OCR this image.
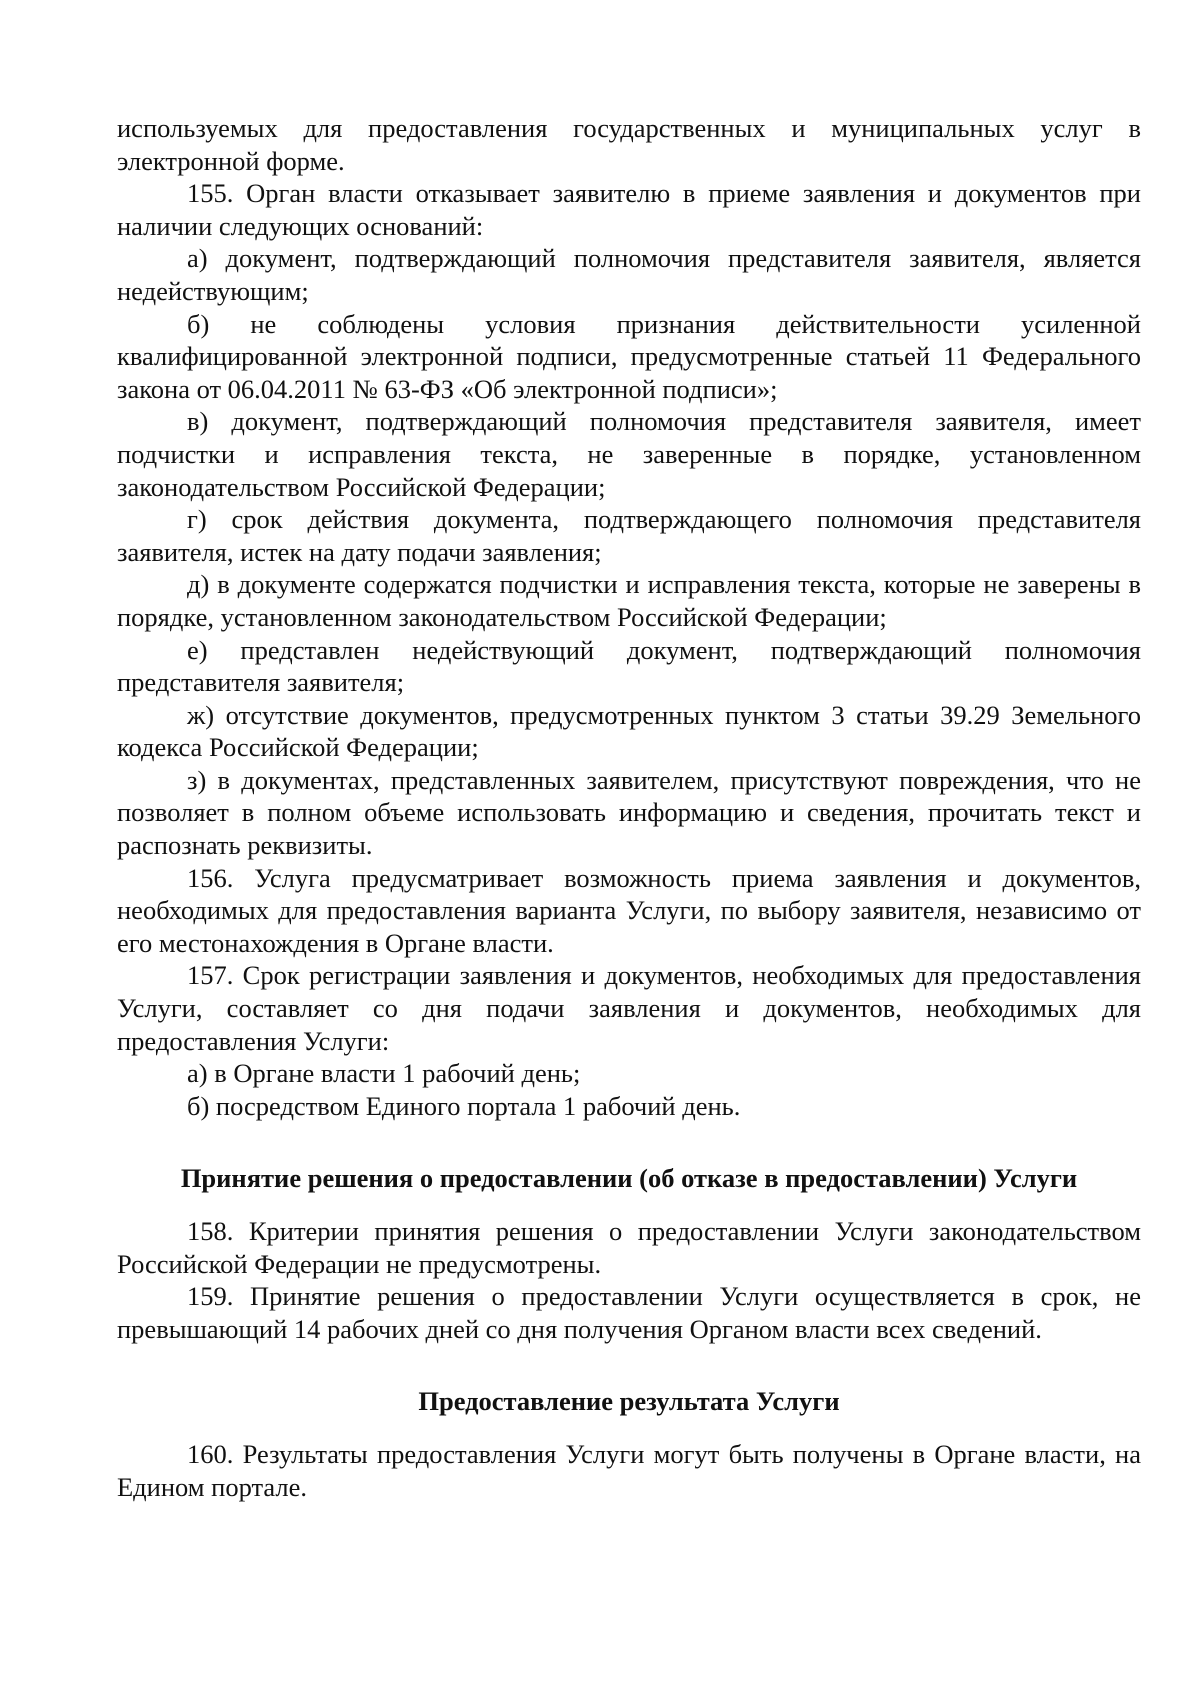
используемых для предоставления государственных и муниципальных услуг в электронной форме.

155. Орган власти отказывает заявителю в приеме заявления и документов при наличии следующих оснований:

а) документ, подтверждающий полномочия представителя заявителя, является недействующим;

б) не соблюдены условия признания действительности усиленной квалифицированной электронной подписи, предусмотренные статьей 11 Федерального закона от 06.04.2011 № 63-ФЗ «Об электронной подписи»;

в) документ, подтверждающий полномочия представителя заявителя, имеет подчистки и исправления текста, не заверенные в порядке, установленном законодательством Российской Федерации;

г) срок действия документа, подтверждающего полномочия представителя заявителя, истек на дату подачи заявления;

д) в документе содержатся подчистки и исправления текста, которые не заверены в порядке, установленном законодательством Российской Федерации;

е) представлен недействующий документ, подтверждающий полномочия представителя заявителя;

ж) отсутствие документов, предусмотренных пунктом 3 статьи 39.29 Земельного кодекса Российской Федерации;

з) в документах, представленных заявителем, присутствуют повреждения, что не позволяет в полном объеме использовать информацию и сведения, прочитать текст и распознать реквизиты.

156. Услуга предусматривает возможность приема заявления и документов, необходимых для предоставления варианта Услуги, по выбору заявителя, независимо от его местонахождения в Органе власти.

157. Срок регистрации заявления и документов, необходимых для предоставления Услуги, составляет со дня подачи заявления и документов, необходимых для предоставления Услуги:

а) в Органе власти 1 рабочий день;

б) посредством Единого портала 1 рабочий день.

Принятие решения о предоставлении (об отказе в предоставлении) Услуги

158. Критерии принятия решения о предоставлении Услуги законодательством Российской Федерации не предусмотрены.

159. Принятие решения о предоставлении Услуги осуществляется в срок, не превышающий 14 рабочих дней со дня получения Органом власти всех сведений.

Предоставление результата Услуги

160. Результаты предоставления Услуги могут быть получены в Органе власти, на Едином портале.
